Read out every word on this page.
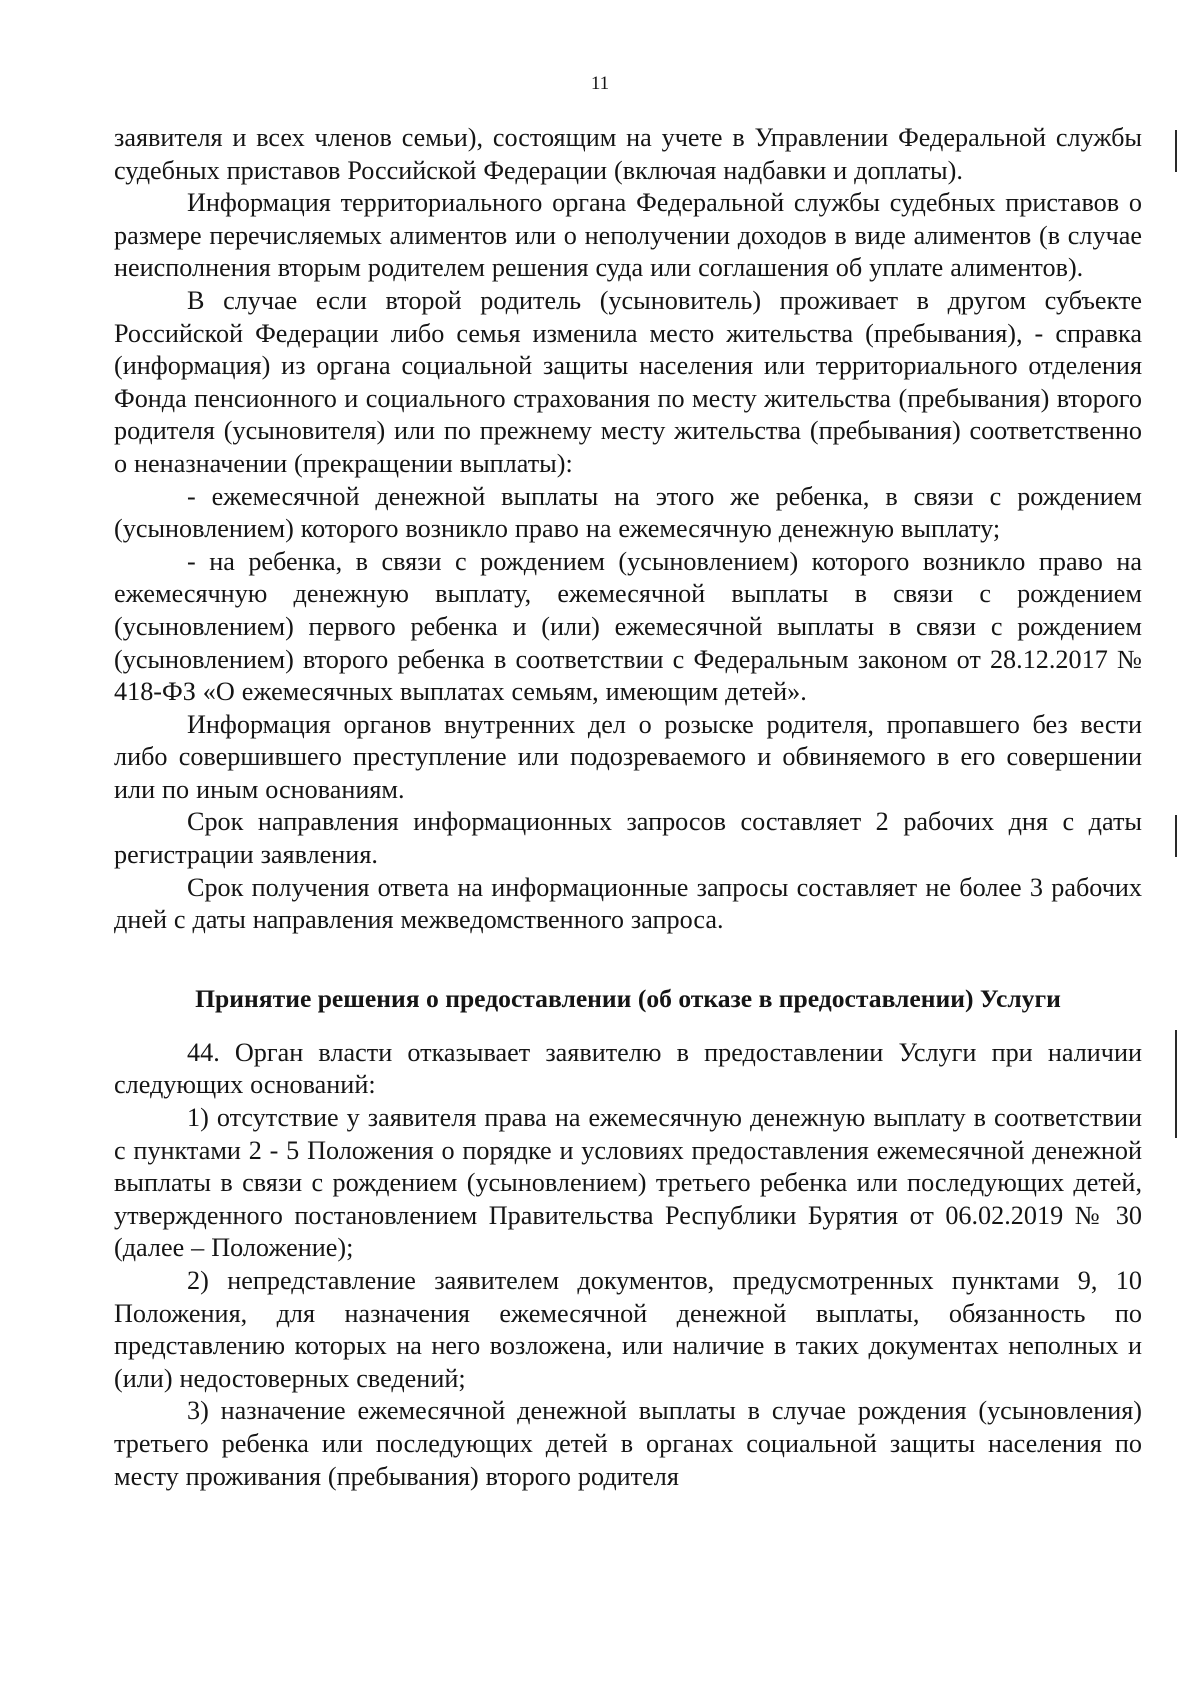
11

заявителя и всех членов семьи), состоящим на учете в Управлении Федеральной службы судебных приставов Российской Федерации (включая надбавки и доплаты).

Информация территориального органа Федеральной службы судебных приставов о размере перечисляемых алиментов или о неполучении доходов в виде алиментов (в случае неисполнения вторым родителем решения суда или соглашения об уплате алиментов).

В случае если второй родитель (усыновитель) проживает в другом субъекте Российской Федерации либо семья изменила место жительства (пребывания), - справка (информация) из органа социальной защиты населения или территориального отделения Фонда пенсионного и социального страхования по месту жительства (пребывания) второго родителя (усыновителя) или по прежнему месту жительства (пребывания) соответственно о неназначении (прекращении выплаты):

- ежемесячной денежной выплаты на этого же ребенка, в связи с рождением (усыновлением) которого возникло право на ежемесячную денежную выплату;

- на ребенка, в связи с рождением (усыновлением) которого возникло право на ежемесячную денежную выплату, ежемесячной выплаты в связи с рождением (усыновлением) первого ребенка и (или) ежемесячной выплаты в связи с рождением (усыновлением) второго ребенка в соответствии с Федеральным законом от 28.12.2017 № 418-ФЗ «О ежемесячных выплатах семьям, имеющим детей».

Информация органов внутренних дел о розыске родителя, пропавшего без вести либо совершившего преступление или подозреваемого и обвиняемого в его совершении или по иным основаниям.

Срок направления информационных запросов составляет 2 рабочих дня с даты регистрации заявления.

Срок получения ответа на информационные запросы составляет не более 3 рабочих дней с даты направления межведомственного запроса.

Принятие решения о предоставлении (об отказе в предоставлении) Услуги

44. Орган власти отказывает заявителю в предоставлении Услуги при наличии следующих оснований:

1) отсутствие у заявителя права на ежемесячную денежную выплату в соответствии с пунктами 2 - 5 Положения о порядке и условиях предоставления ежемесячной денежной выплаты в связи с рождением (усыновлением) третьего ребенка или последующих детей, утвержденного постановлением Правительства Республики Бурятия от 06.02.2019 № 30 (далее – Положение);

2) непредставление заявителем документов, предусмотренных пунктами 9, 10 Положения, для назначения ежемесячной денежной выплаты, обязанность по представлению которых на него возложена, или наличие в таких документах неполных и (или) недостоверных сведений;

3) назначение ежемесячной денежной выплаты в случае рождения (усыновления) третьего ребенка или последующих детей в органах социальной защиты населения по месту проживания (пребывания) второго родителя
